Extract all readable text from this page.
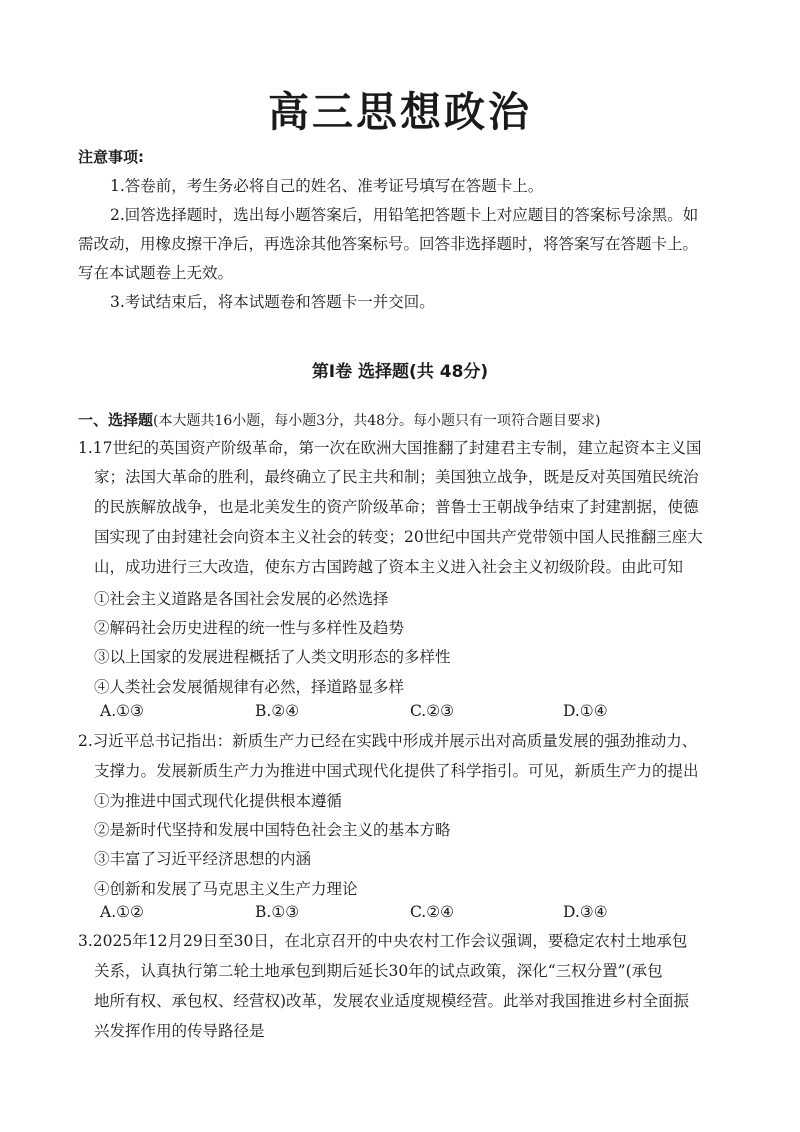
高三思想政治
注意事项:
1.答卷前，考生务必将自己的姓名、准考证号填写在答题卡上。
2.回答选择题时，选出每小题答案后，用铅笔把答题卡上对应题目的答案标号涂黑。如
需改动，用橡皮擦干净后，再选涂其他答案标号。回答非选择题时，将答案写在答题卡上。
写在本试题卷上无效。
3.考试结束后，将本试题卷和答题卡一并交回。
第Ⅰ卷 选择题(共 48分)
一、选择题(本大题共16小题，每小题3分，共48分。每小题只有一项符合题目要求)
1.17世纪的英国资产阶级革命，第一次在欧洲大国推翻了封建君主专制，建立起资本主义国
家；法国大革命的胜利，最终确立了民主共和制；美国独立战争，既是反对英国殖民统治
的民族解放战争，也是北美发生的资产阶级革命；普鲁士王朝战争结束了封建割据，使德
国实现了由封建社会向资本主义社会的转变；20世纪中国共产党带领中国人民推翻三座大
山，成功进行三大改造，使东方古国跨越了资本主义进入社会主义初级阶段。由此可知
①社会主义道路是各国社会发展的必然选择
②解码社会历史进程的统一性与多样性及趋势
③以上国家的发展进程概括了人类文明形态的多样性
④人类社会发展循规律有必然，择道路显多样
A.①③	B.②④	C.②③	D.①④
2.习近平总书记指出：新质生产力已经在实践中形成并展示出对高质量发展的强劲推动力、
支撑力。发展新质生产力为推进中国式现代化提供了科学指引。可见，新质生产力的提出
①为推进中国式现代化提供根本遵循
②是新时代坚持和发展中国特色社会主义的基本方略
③丰富了习近平经济思想的内涵
④创新和发展了马克思主义生产力理论
A.①②	B.①③	C.②④	D.③④
3.2025年12月29日至30日，在北京召开的中央农村工作会议强调，要稳定农村土地承包
关系，认真执行第二轮土地承包到期后延长30年的试点政策，深化“三权分置”(承包
地所有权、承包权、经营权)改革，发展农业适度规模经营。此举对我国推进乡村全面振
兴发挥作用的传导路径是
